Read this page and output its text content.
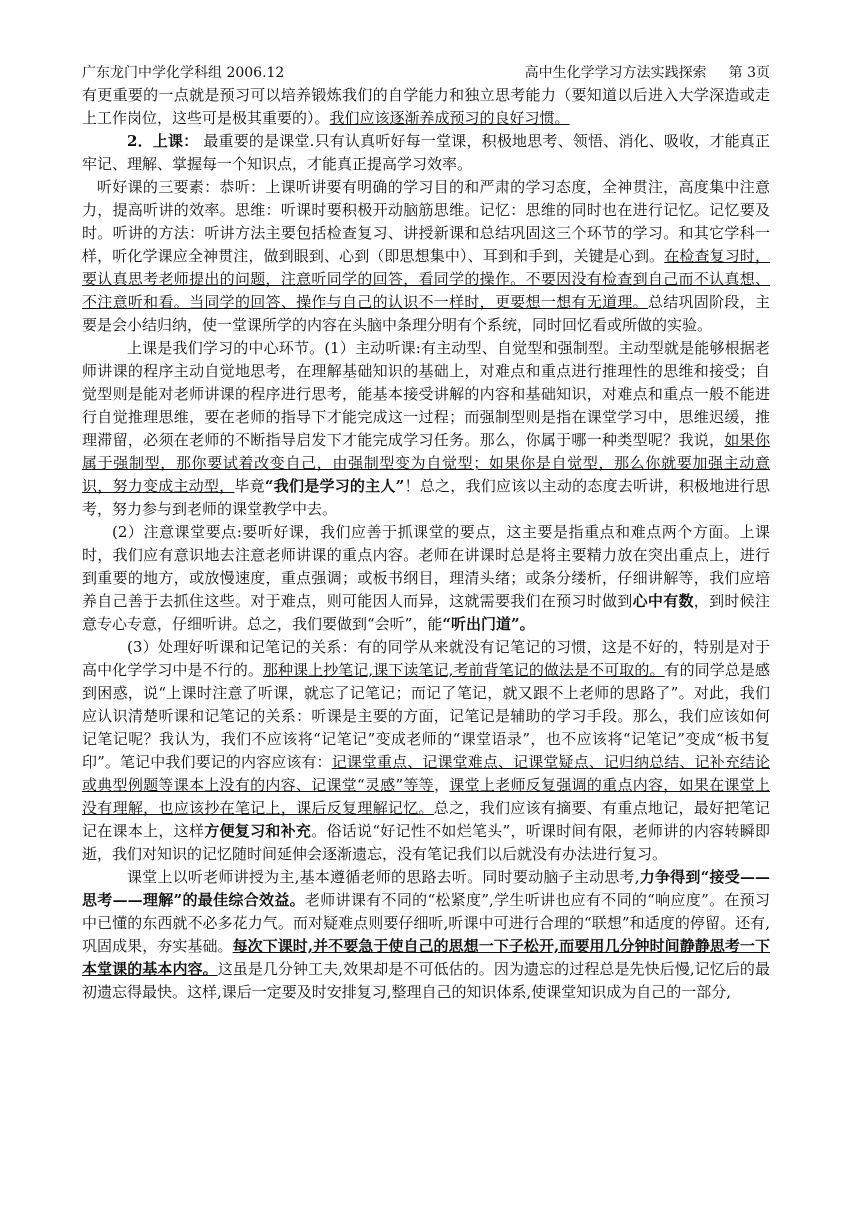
广东龙门中学化学科组 2006.12	高中生化学学习方法实践探索 第 3页

有更重要的一点就是预习可以培养锻炼我们的自学能力和独立思考能力（要知道以后进入大学深造或走上工作岗位，这些可是极其重要的）。我们应该逐渐养成预习的良好习惯。

2．上课： 最重要的是课堂.只有认真听好每一堂课，积极地思考、领悟、消化、吸收，才能真正牢记、理解、掌握每一个知识点，才能真正提高学习效率。

听好课的三要素：恭听：上课听讲要有明确的学习目的和严肃的学习态度，全神贯注，高度集中注意力，提高听讲的效率。思维：听课时要积极开动脑筋思维。记忆：思维的同时也在进行记忆。记忆要及时。听讲的方法：听讲方法主要包括检查复习、讲授新课和总结巩固这三个环节的学习。和其它学科一样，听化学课应全神贯注，做到眼到、心到（即思想集中）、耳到和手到，关键是心到。在检查复习时，要认真思考老师提出的问题，注意听同学的回答，看同学的操作。不要因没有检查到自己而不认真想、不注意听和看。当同学的回答、操作与自己的认识不一样时，更要想一想有无道理。总结巩固阶段，主要是会小结归纳，使一堂课所学的内容在头脑中条理分明有个系统，同时回忆看或所做的实验。

上课是我们学习的中心环节。(1）主动听课:有主动型、自觉型和强制型。主动型就是能够根据老师讲课的程序主动自觉地思考，在理解基础知识的基础上，对难点和重点进行推理性的思维和接受；自觉型则是能对老师讲课的程序进行思考，能基本接受讲解的内容和基础知识，对难点和重点一般不能进行自觉推理思维，要在老师的指导下才能完成这一过程；而强制型则是指在课堂学习中，思维迟缓，推理滞留，必须在老师的不断指导启发下才能完成学习任务。那么，你属于哪一种类型呢？我说，如果你属于强制型，那你要试着改变自己，由强制型变为自觉型；如果你是自觉型，那么你就要加强主动意识，努力变成主动型，毕竟“我们是学习的主人”！总之，我们应该以主动的态度去听讲，积极地进行思考，努力参与到老师的课堂教学中去。

(2）注意课堂要点:要听好课，我们应善于抓课堂的要点，这主要是指重点和难点两个方面。上课时，我们应有意识地去注意老师讲课的重点内容。老师在讲课时总是将主要精力放在突出重点上，进行到重要的地方，或放慢速度，重点强调；或板书纲目，理清头绪；或条分缕析，仔细讲解等，我们应培养自己善于去抓住这些。对于难点，则可能因人而异，这就需要我们在预习时做到心中有数，到时候注意专心专意，仔细听讲。总之，我们要做到“会听”，能“听出门道”。

(3）处理好听课和记笔记的关系：有的同学从来就没有记笔记的习惯，这是不好的，特别是对于高中化学学习中是不行的。那种课上抄笔记,课下读笔记,考前背笔记的做法是不可取的。有的同学总是感到困惑，说“上课时注意了听课，就忘了记笔记；而记了笔记，就又跟不上老师的思路了”。对此，我们应认识清楚听课和记笔记的关系：听课是主要的方面，记笔记是辅助的学习手段。那么，我们应该如何记笔记呢？我认为，我们不应该将“记笔记”变成老师的“课堂语录”，也不应该将“记笔记”变成“板书复印”。笔记中我们要记的内容应该有：记课堂重点、记课堂难点、记课堂疑点、记归纳总结、记补充结论或典型例题等课本上没有的内容、记课堂“灵感”等等，课堂上老师反复强调的重点内容，如果在课堂上没有理解，也应该抄在笔记上，课后反复理解记忆。总之，我们应该有摘要、有重点地记，最好把笔记记在课本上，这样方便复习和补充。俗话说“好记性不如烂笔头”，听课时间有限，老师讲的内容转瞬即逝，我们对知识的记忆随时间延伸会逐渐遗忘，没有笔记我们以后就没有办法进行复习。

课堂上以听老师讲授为主,基本遵循老师的思路去听。同时要动脑子主动思考,力争得到“接受——思考——理解”的最佳综合效益。老师讲课有不同的“松紧度”,学生听讲也应有不同的“响应度”。在预习中已懂的东西就不必多花力气。而对疑难点则要仔细听,听课中可进行合理的“联想”和适度的停留。还有,巩固成果，夯实基础。每次下课时,并不要急于使自己的思想一下子松开,而要用几分钟时间静静思考一下本堂课的基本内容。这虽是几分钟工夫,效果却是不可低估的。因为遗忘的过程总是先快后慢,记忆后的最初遗忘得最快。这样,课后一定要及时安排复习,整理自己的知识体系,使课堂知识成为自己的一部分,
